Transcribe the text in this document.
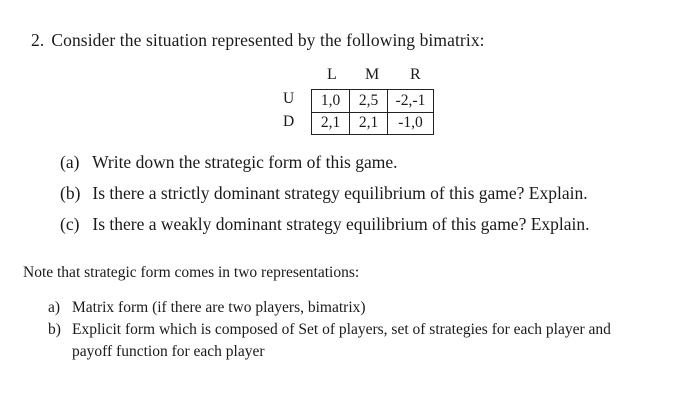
2. Consider the situation represented by the following bimatrix:
L M R
U	1,0	2,5	-2,-1
D	2,1	2,1	-1,0
(a) Write down the strategic form of this game.
(b) Is there a strictly dominant strategy equilibrium of this game? Explain.
(c) Is there a weakly dominant strategy equilibrium of this game? Explain.
Note that strategic form comes in two representations:
a) Matrix form (if there are two players, bimatrix)
b) Explicit form which is composed of Set of players, set of strategies for each player and payoff function for each player
